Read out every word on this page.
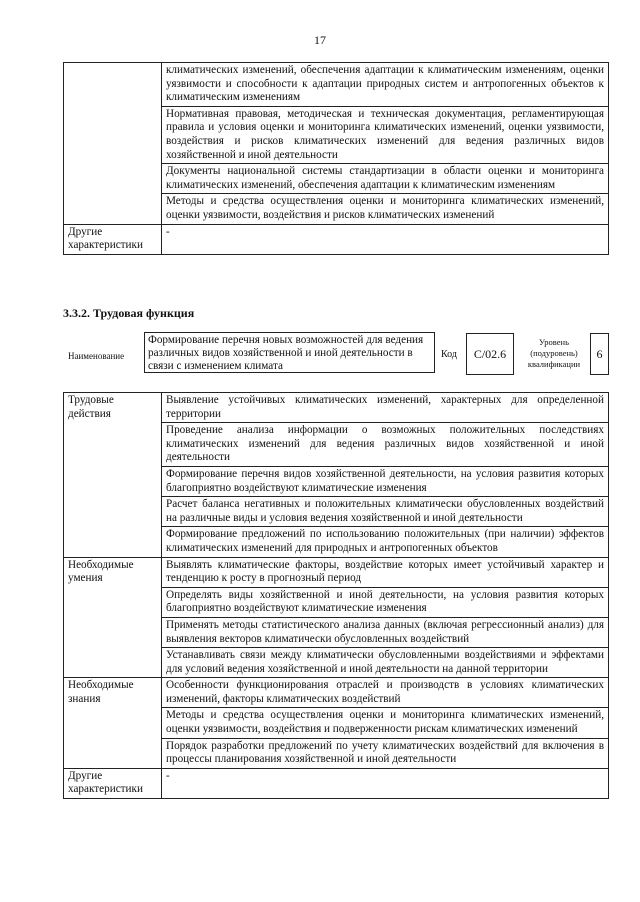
17
	климатических изменений, обеспечения адаптации к климатическим изменениям, оценки уязвимости и способности к адаптации природных систем и антропогенных объектов к климатическим изменениям
	Нормативная правовая, методическая и техническая документация, регламентирующая правила и условия оценки и мониторинга климатических изменений, оценки уязвимости, воздействия и рисков климатических изменений для ведения различных видов хозяйственной и иной деятельности
	Документы национальной системы стандартизации в области оценки и мониторинга климатических изменений, обеспечения адаптации к климатическим изменениям
	Методы и средства осуществления оценки и мониторинга климатических изменений, оценки уязвимости, воздействия и рисков климатических изменений
Другие характеристики	-
3.3.2. Трудовая функция
Наименование
Формирование перечня новых возможностей для ведения различных видов хозяйственной и иной деятельности в связи с изменением климата
Код	C/02.6
Уровень (подуровень) квалификации
6
Трудовые действия	Выявление устойчивых климатических изменений, характерных для определенной территории
	Проведение анализа информации о возможных положительных последствиях климатических изменений для ведения различных видов хозяйственной и иной деятельности
	Формирование перечня видов хозяйственной деятельности, на условия развития которых благоприятно воздействуют климатические изменения
	Расчет баланса негативных и положительных климатически обусловленных воздействий на различные виды и условия ведения хозяйственной и иной деятельности
	Формирование предложений по использованию положительных (при наличии) эффектов климатических изменений для природных и антропогенных объектов
Необходимые умения	Выявлять климатические факторы, воздействие которых имеет устойчивый характер и тенденцию к росту в прогнозный период
	Определять виды хозяйственной и иной деятельности, на условия развития которых благоприятно воздействуют климатические изменения
	Применять методы статистического анализа данных (включая регрессионный анализ) для выявления векторов климатически обусловленных воздействий
	Устанавливать связи между климатически обусловленными воздействиями и эффектами для условий ведения хозяйственной и иной деятельности на данной территории
Необходимые знания	Особенности функционирования отраслей и производств в условиях климатических изменений, факторы климатических воздействий
	Методы и средства осуществления оценки и мониторинга климатических изменений, оценки уязвимости, воздействия и подверженности рискам климатических изменений
	Порядок разработки предложений по учету климатических воздействий для включения в процессы планирования хозяйственной и иной деятельности
Другие характеристики	-
